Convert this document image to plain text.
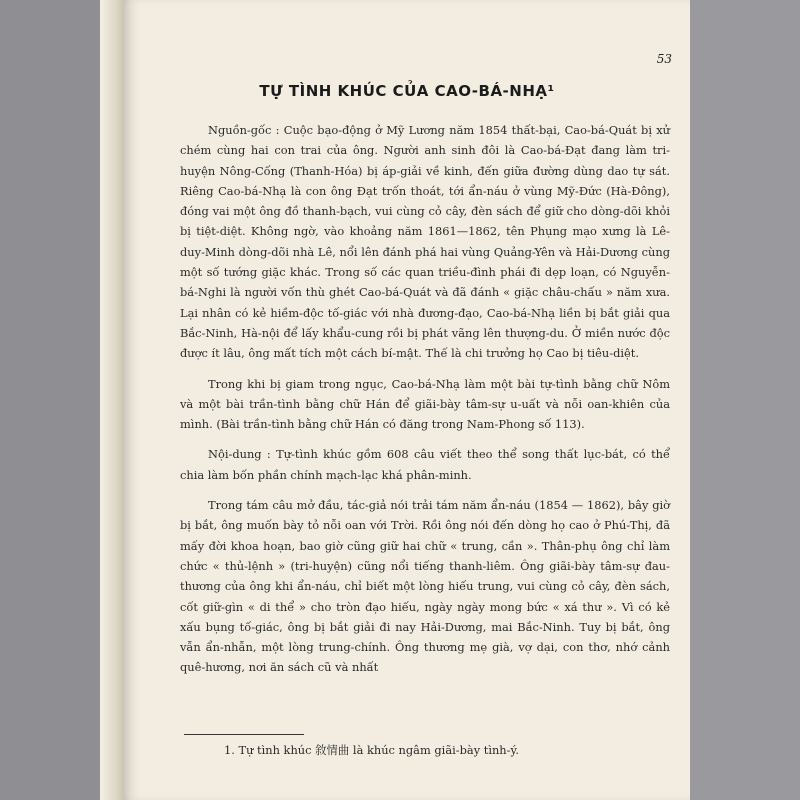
53
TỰ TÌNH KHÚC CỦA CAO-BÁ-NHẠ¹

Nguồn-gốc : Cuộc bạo-động ở Mỹ Lương năm 1854 thất-bại, Cao-bá-Quát bị xử chém cùng hai con trai của ông. Người anh sinh đôi là Cao-bá-Đạt đang làm tri-huyện Nông-Cống (Thanh-Hóa) bị áp-giải về kinh, đến giữa đường dùng dao tự sát. Riêng Cao-bá-Nhạ là con ông Đạt trốn thoát, tới ẩn-náu ở vùng Mỹ-Đức (Hà-Đông), đóng vai một ông đồ thanh-bạch, vui cùng cỏ cây, đèn sách để giữ cho dòng-dõi khỏi bị tiệt-diệt. Không ngờ, vào khoảng năm 1861—1862, tên Phụng mạo xưng là Lê-duy-Minh dòng-dõi nhà Lê, nổi lên đánh phá hai vùng Quảng-Yên và Hải-Dương cùng một số tướng giặc khác. Trong số các quan triều-đình phái đi dẹp loạn, có Nguyễn-bá-Nghi là người vốn thù ghét Cao-bá-Quát và đã đánh « giặc châu-chấu » năm xưa. Lại nhân có kẻ hiềm-độc tố-giác với nhà đương-đạo, Cao-bá-Nhạ liền bị bắt giải qua Bắc-Ninh, Hà-nội để lấy khẩu-cung rồi bị phát vãng lên thượng-du. Ở miền nước độc được ít lâu, ông mất tích một cách bí-mật. Thế là chi trưởng họ Cao bị tiêu-diệt.

Trong khi bị giam trong ngục, Cao-bá-Nhạ làm một bài tự-tình bằng chữ Nôm và một bài trần-tình bằng chữ Hán để giãi-bày tâm-sự u-uất và nỗi oan-khiên của mình. (Bài trần-tình bằng chữ Hán có đăng trong Nam-Phong số 113).

Nội-dung : Tự-tình khúc gồm 608 câu viết theo thể song thất lục-bát, có thể chia làm bốn phần chính mạch-lạc khá phân-minh.

Trong tám câu mở đầu, tác-giả nói trải tám năm ẩn-náu (1854 — 1862), bây giờ bị bắt, ông muốn bày tỏ nỗi oan với Trời. Rồi ông nói đến dòng họ cao ở Phú-Thị, đã mấy đời khoa hoạn, bao giờ cũng giữ hai chữ « trung, cần ». Thân-phụ ông chỉ làm chức « thủ-lệnh » (tri-huyện) cũng nổi tiếng thanh-liêm. Ông giãi-bày tâm-sự đau-thương của ông khi ẩn-náu, chỉ biết một lòng hiếu trung, vui cùng cỏ cây, đèn sách, cốt giữ-gìn « di thể » cho tròn đạo hiếu, ngày ngày mong bức « xá thư ». Vì có kẻ xấu bụng tố-giác, ông bị bắt giải đi nay Hải-Dương, mai Bắc-Ninh. Tuy bị bắt, ông vẫn ẩn-nhẫn, một lòng trung-chính. Ông thương mẹ già, vợ dại, con thơ, nhớ cảnh quê-hương, nơi ăn sách cũ và nhất

1. Tự tình khúc 敘情曲 là khúc ngâm giãi-bày tình-ý.
